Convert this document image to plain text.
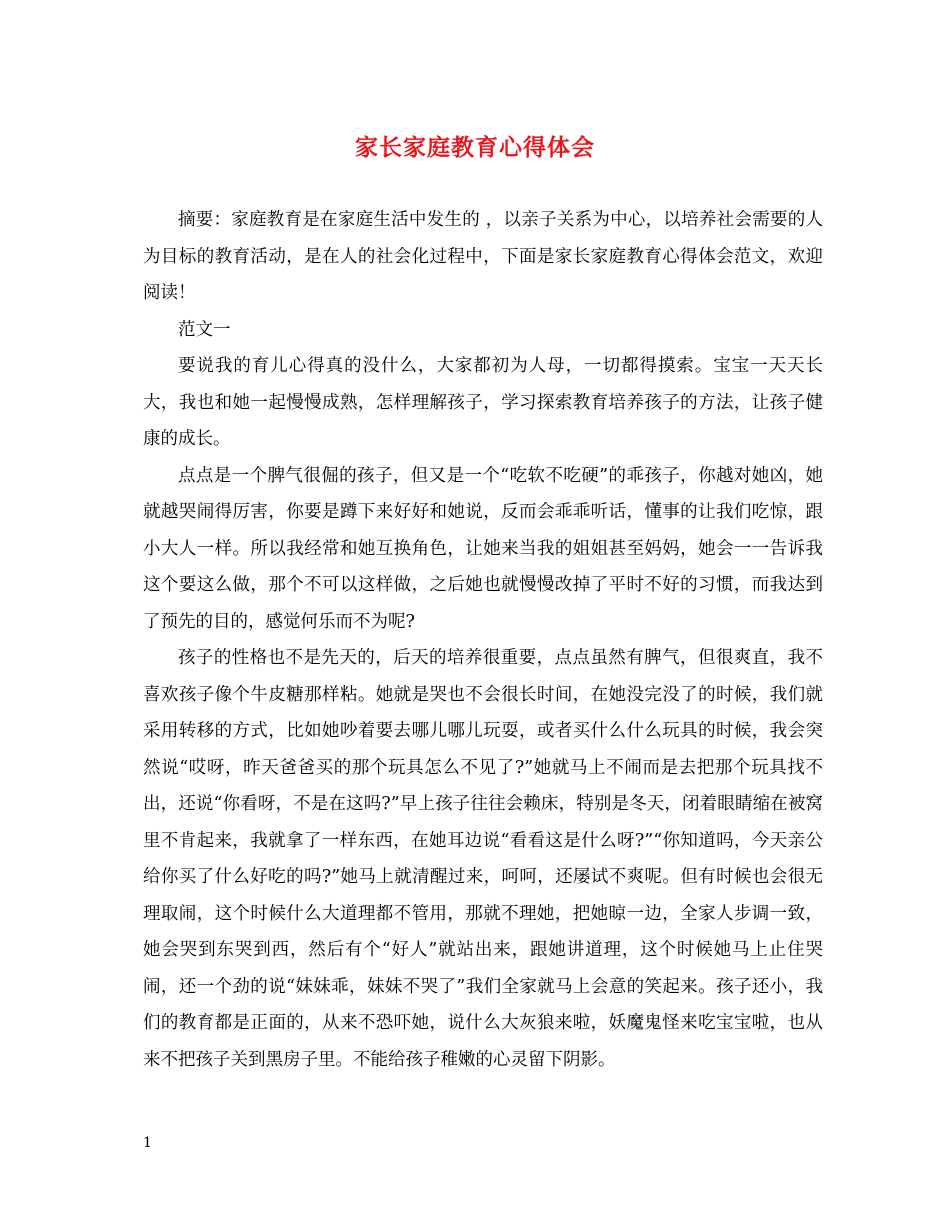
家长家庭教育心得体会

摘要：家庭教育是在家庭生活中发生的 ，以亲子关系为中心，以培养社会需要的人为目标的教育活动，是在人的社会化过程中，下面是家长家庭教育心得体会范文，欢迎阅读！

范文一

要说我的育儿心得真的没什么，大家都初为人母，一切都得摸索。宝宝一天天长大，我也和她一起慢慢成熟，怎样理解孩子，学习探索教育培养孩子的方法，让孩子健康的成长。

点点是一个脾气很倔的孩子，但又是一个“吃软不吃硬”的乖孩子，你越对她凶，她就越哭闹得厉害，你要是蹲下来好好和她说，反而会乖乖听话，懂事的让我们吃惊，跟小大人一样。所以我经常和她互换角色，让她来当我的姐姐甚至妈妈，她会一一告诉我这个要这么做，那个不可以这样做，之后她也就慢慢改掉了平时不好的习惯，而我达到了预先的目的，感觉何乐而不为呢?

孩子的性格也不是先天的，后天的培养很重要，点点虽然有脾气，但很爽直，我不喜欢孩子像个牛皮糖那样粘。她就是哭也不会很长时间，在她没完没了的时候，我们就采用转移的方式，比如她吵着要去哪儿哪儿玩耍，或者买什么什么玩具的时候，我会突然说“哎呀，昨天爸爸买的那个玩具怎么不见了?”她就马上不闹而是去把那个玩具找不出，还说“你看呀，不是在这吗?”早上孩子往往会赖床，特别是冬天，闭着眼睛缩在被窝里不肯起来，我就拿了一样东西，在她耳边说“看看这是什么呀?”“你知道吗，今天亲公给你买了什么好吃的吗?”她马上就清醒过来，呵呵，还屡试不爽呢。但有时候也会很无理取闹，这个时候什么大道理都不管用，那就不理她，把她晾一边，全家人步调一致，她会哭到东哭到西，然后有个“好人”就站出来，跟她讲道理，这个时候她马上止住哭闹，还一个劲的说“妹妹乖，妹妹不哭了”我们全家就马上会意的笑起来。孩子还小，我们的教育都是正面的，从来不恐吓她，说什么大灰狼来啦，妖魔鬼怪来吃宝宝啦，也从来不把孩子关到黑房子里。不能给孩子稚嫩的心灵留下阴影。

1
